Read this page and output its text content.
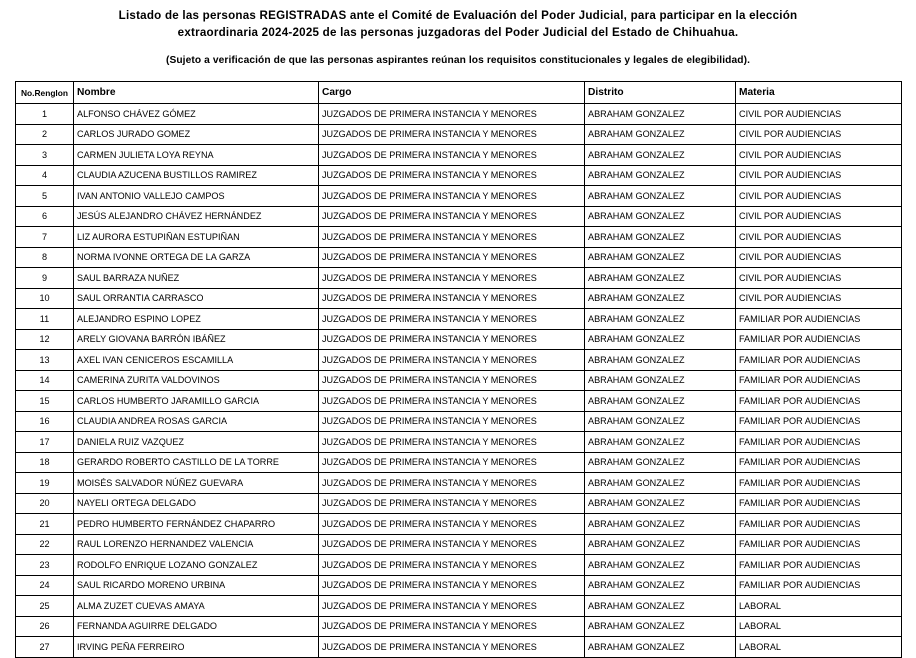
Listado de las personas REGISTRADAS ante el Comité de Evaluación del Poder Judicial, para participar en la elección
extraordinaria 2024-2025 de las personas juzgadoras del Poder Judicial del Estado de Chihuahua.
(Sujeto a verificación de que las personas aspirantes reúnan los requisitos constitucionales y legales de elegibilidad).
No.Renglon	Nombre	Cargo	Distrito	Materia
1	ALFONSO CHÁVEZ GÓMEZ	JUZGADOS DE PRIMERA INSTANCIA Y MENORES	ABRAHAM GONZALEZ	CIVIL POR AUDIENCIAS
2	CARLOS JURADO GOMEZ	JUZGADOS DE PRIMERA INSTANCIA Y MENORES	ABRAHAM GONZALEZ	CIVIL POR AUDIENCIAS
3	CARMEN JULIETA LOYA REYNA	JUZGADOS DE PRIMERA INSTANCIA Y MENORES	ABRAHAM GONZALEZ	CIVIL POR AUDIENCIAS
4	CLAUDIA AZUCENA BUSTILLOS RAMIREZ	JUZGADOS DE PRIMERA INSTANCIA Y MENORES	ABRAHAM GONZALEZ	CIVIL POR AUDIENCIAS
5	IVAN ANTONIO VALLEJO CAMPOS	JUZGADOS DE PRIMERA INSTANCIA Y MENORES	ABRAHAM GONZALEZ	CIVIL POR AUDIENCIAS
6	JESÚS ALEJANDRO CHÁVEZ HERNÁNDEZ	JUZGADOS DE PRIMERA INSTANCIA Y MENORES	ABRAHAM GONZALEZ	CIVIL POR AUDIENCIAS
7	LIZ AURORA ESTUPIÑAN ESTUPIÑAN	JUZGADOS DE PRIMERA INSTANCIA Y MENORES	ABRAHAM GONZALEZ	CIVIL POR AUDIENCIAS
8	NORMA IVONNE ORTEGA DE LA GARZA	JUZGADOS DE PRIMERA INSTANCIA Y MENORES	ABRAHAM GONZALEZ	CIVIL POR AUDIENCIAS
9	SAUL BARRAZA NUÑEZ	JUZGADOS DE PRIMERA INSTANCIA Y MENORES	ABRAHAM GONZALEZ	CIVIL POR AUDIENCIAS
10	SAUL ORRANTIA CARRASCO	JUZGADOS DE PRIMERA INSTANCIA Y MENORES	ABRAHAM GONZALEZ	CIVIL POR AUDIENCIAS
11	ALEJANDRO ESPINO LOPEZ	JUZGADOS DE PRIMERA INSTANCIA Y MENORES	ABRAHAM GONZALEZ	FAMILIAR POR AUDIENCIAS
12	ARELY GIOVANA BARRÓN IBÁÑEZ	JUZGADOS DE PRIMERA INSTANCIA Y MENORES	ABRAHAM GONZALEZ	FAMILIAR POR AUDIENCIAS
13	AXEL IVAN CENICEROS ESCAMILLA	JUZGADOS DE PRIMERA INSTANCIA Y MENORES	ABRAHAM GONZALEZ	FAMILIAR POR AUDIENCIAS
14	CAMERINA ZURITA VALDOVINOS	JUZGADOS DE PRIMERA INSTANCIA Y MENORES	ABRAHAM GONZALEZ	FAMILIAR POR AUDIENCIAS
15	CARLOS HUMBERTO JARAMILLO GARCIA	JUZGADOS DE PRIMERA INSTANCIA Y MENORES	ABRAHAM GONZALEZ	FAMILIAR POR AUDIENCIAS
16	CLAUDIA ANDREA ROSAS GARCIA	JUZGADOS DE PRIMERA INSTANCIA Y MENORES	ABRAHAM GONZALEZ	FAMILIAR POR AUDIENCIAS
17	DANIELA RUIZ VAZQUEZ	JUZGADOS DE PRIMERA INSTANCIA Y MENORES	ABRAHAM GONZALEZ	FAMILIAR POR AUDIENCIAS
18	GERARDO ROBERTO CASTILLO DE LA TORRE	JUZGADOS DE PRIMERA INSTANCIA Y MENORES	ABRAHAM GONZALEZ	FAMILIAR POR AUDIENCIAS
19	MOISÉS SALVADOR NÚÑEZ GUEVARA	JUZGADOS DE PRIMERA INSTANCIA Y MENORES	ABRAHAM GONZALEZ	FAMILIAR POR AUDIENCIAS
20	NAYELI ORTEGA DELGADO	JUZGADOS DE PRIMERA INSTANCIA Y MENORES	ABRAHAM GONZALEZ	FAMILIAR POR AUDIENCIAS
21	PEDRO HUMBERTO FERNÁNDEZ CHAPARRO	JUZGADOS DE PRIMERA INSTANCIA Y MENORES	ABRAHAM GONZALEZ	FAMILIAR POR AUDIENCIAS
22	RAUL LORENZO HERNANDEZ VALENCIA	JUZGADOS DE PRIMERA INSTANCIA Y MENORES	ABRAHAM GONZALEZ	FAMILIAR POR AUDIENCIAS
23	RODOLFO ENRIQUE LOZANO GONZALEZ	JUZGADOS DE PRIMERA INSTANCIA Y MENORES	ABRAHAM GONZALEZ	FAMILIAR POR AUDIENCIAS
24	SAUL RICARDO MORENO URBINA	JUZGADOS DE PRIMERA INSTANCIA Y MENORES	ABRAHAM GONZALEZ	FAMILIAR POR AUDIENCIAS
25	ALMA ZUZET CUEVAS AMAYA	JUZGADOS DE PRIMERA INSTANCIA Y MENORES	ABRAHAM GONZALEZ	LABORAL
26	FERNANDA AGUIRRE DELGADO	JUZGADOS DE PRIMERA INSTANCIA Y MENORES	ABRAHAM GONZALEZ	LABORAL
27	IRVING PEÑA FERREIRO	JUZGADOS DE PRIMERA INSTANCIA Y MENORES	ABRAHAM GONZALEZ	LABORAL
